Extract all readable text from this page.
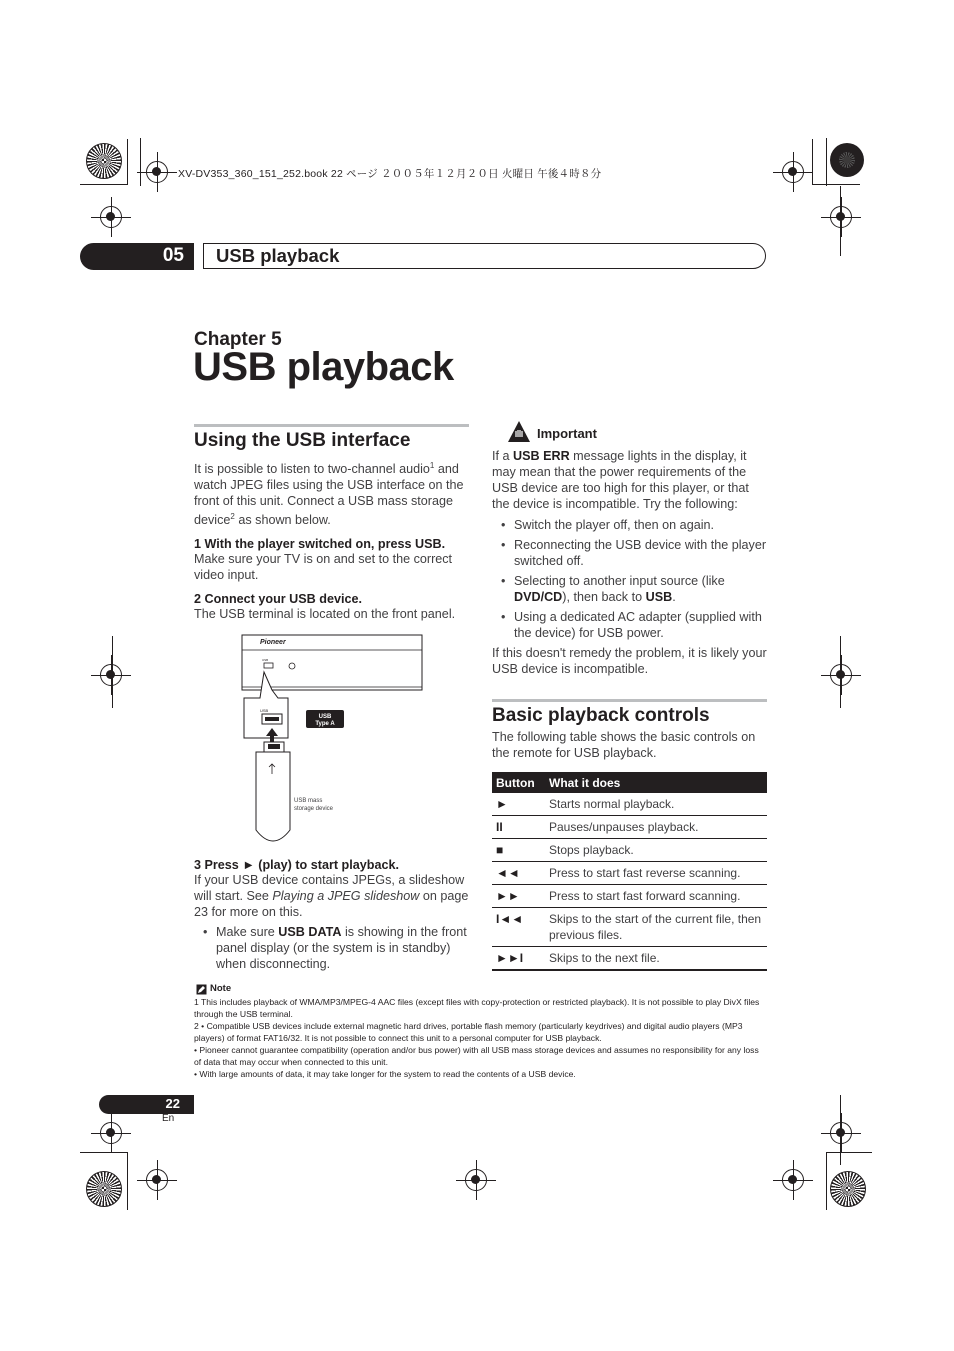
XV-DV353_360_151_252.book 22 ページ ２００５年１２月２０日 火曜日 午後４時８分
05 USB playback
Chapter 5
USB playback
Using the USB interface
It is possible to listen to two-channel audio$^1$ and watch JPEG files using the USB interface on the front of this unit. Connect a USB mass storage device$^2$ as shown below.
1 With the player switched on, press USB.
Make sure your TV is on and set to the correct video input.
2 Connect your USB device.
The USB terminal is located on the front panel.
Pioneer
USB
USB
USB
Type A
USB mass
storage device
3 Press ► (play) to start playback.
If your USB device contains JPEGs, a slideshow will start. See Playing a JPEG slideshow on page 23 for more on this.
• Make sure USB DATA is showing in the front panel display (or the system is in standby) when disconnecting.
Important
If a USB ERR message lights in the display, it may mean that the power requirements of the USB device are too high for this player, or that the device is incompatible. Try the following:
• Switch the player off, then on again.
• Reconnecting the USB device with the player switched off.
• Selecting to another input source (like DVD/CD), then back to USB.
• Using a dedicated AC adapter (supplied with the device) for USB power.
If this doesn't remedy the problem, it is likely your USB device is incompatible.
Basic playback controls
The following table shows the basic controls on the remote for USB playback.
Button	What it does
►	Starts normal playback.
II	Pauses/unpauses playback.
■	Stops playback.
◄◄	Press to start fast reverse scanning.
►►	Press to start fast forward scanning.
I◄◄	Skips to the start of the current file, then previous files.
►►I	Skips to the next file.
Note

1 This includes playback of WMA/MP3/MPEG-4 AAC files (except files with copy-protection or restricted playback). It is not possible to play DivX files through the USB terminal.

2 • Compatible USB devices include external magnetic hard drives, portable flash memory (particularly keydrives) and digital audio players (MP3 players) of format FAT16/32. It is not possible to connect this unit to a personal computer for USB playback.

• Pioneer cannot guarantee compatibility (operation and/or bus power) with all USB mass storage devices and assumes no responsibility for any loss of data that may occur when connected to this unit.

• With large amounts of data, it may take longer for the system to read the contents of a USB device.

22
En
